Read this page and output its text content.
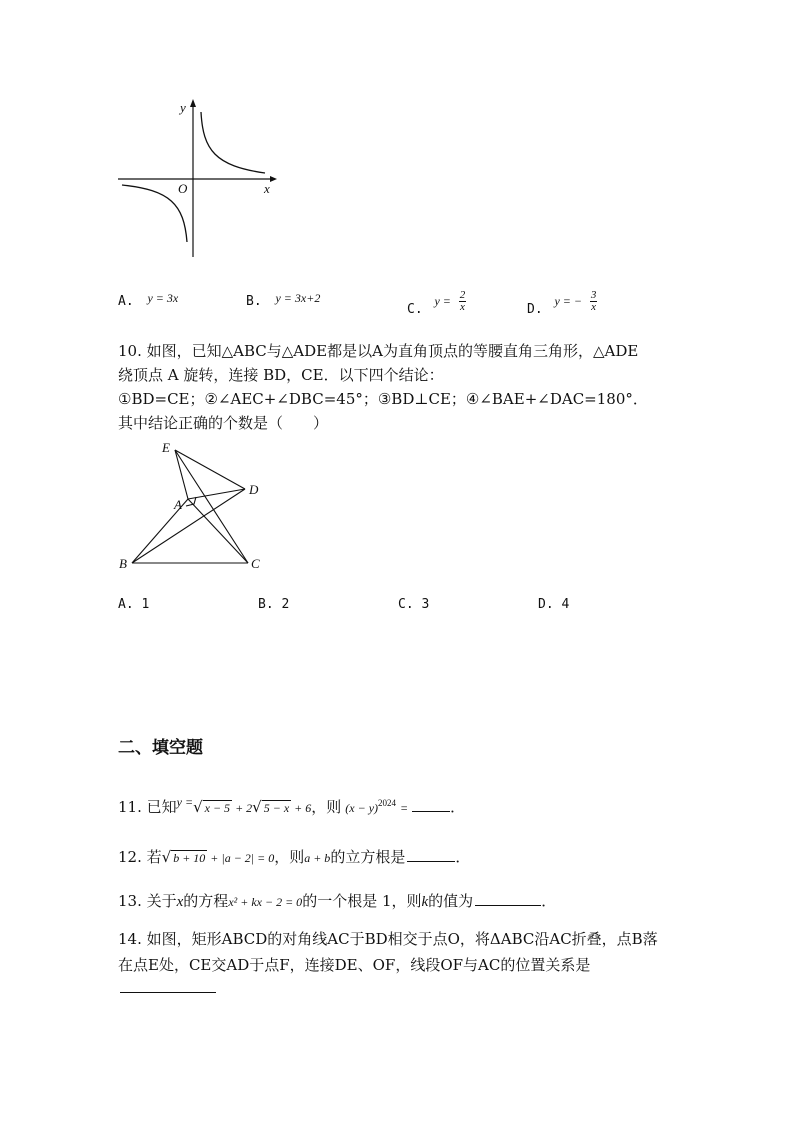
y
x
O
A. y = 3x	B. y = 3x+2
C. $y = \frac{2}{x}$	D. y = − $\frac{3}{x}$
10. 如图，已知△ABC与△ADE都是以A为直角顶点的等腰直角三角形，△ADE
绕顶点 A 旋转，连接 BD，CE．以下四个结论：
①BD=CE；②∠AEC+∠DBC=45°；③BD⊥CE；④∠BAE+∠DAC=180°．
其中结论正确的个数是（　　）
E
D
A
B	C
A. 1	B. 2	C. 3	D. 4
二、填空题
11. 已知$^{y =}$√ x − 5 + 2√ 5 − x + 6，则 $(x - y)^{2024}$ =	．
12. 若√ b + 10 + |a − 2| = 0，则a + b的立方根是	．
13. 关于x的方程x² + kx − 2 = 0的一个根是 1，则k的值为	．
14. 如图，矩形ABCD的对角线AC于BD相交于点O，将ΔABC沿AC折叠，点B落
在点E处，CE交AD于点F，连接DE、OF，线段OF与AC的位置关系是
